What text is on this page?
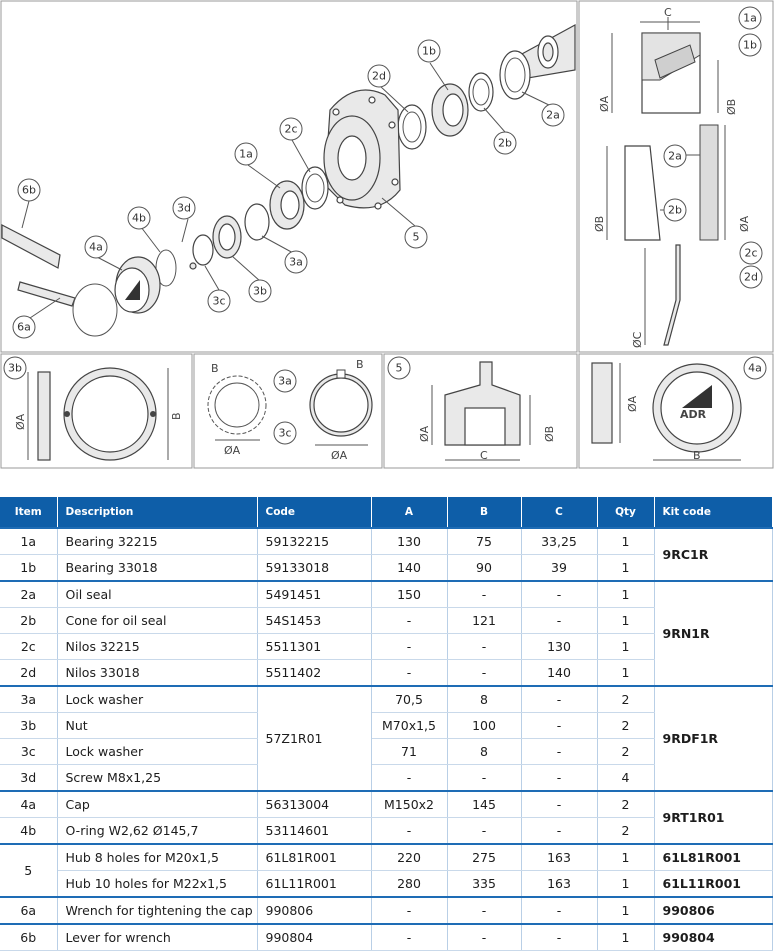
1b
2d
2a
2b
2c
1a
3d
4b
4a
6b
6a
5
3a
3b
3c
C
ØA	ØB
1a
1b
ØB	ØA
2a
2b
ØC
2c
2d
3b
ØA	B
B	B
ØA	ØA
3a
3c
5
ØA	ØB
C
ØA
ADR
B
4a
Item	Description	Code	A	B	C	Qty	Kit code
1a	Bearing 32215	59132215	130	75	33,25	1	9RC1R
1b	Bearing 33018	59133018	140	90	39	1	
2a	Oil seal	5491451	150	-	-	1	9RN1R
2b	Cone for oil seal	54S1453	-	121	-	1	
2c	Nilos 32215	5511301	-	-	130	1	
2d	Nilos 33018	5511402	-	-	140	1	
3a	Lock washer	57Z1R01	70,5	8	-	2	9RDF1R
3b	Nut		M70x1,5	100	-	2	
3c	Lock washer		71	8	-	2	
3d	Screw M8x1,25		-	-	-	4	
4a	Cap	56313004	M150x2	145	-	2	9RT1R01
4b	O-ring W2,62 Ø145,7	53114601	-	-	-	2	
5	Hub 8 holes for M20x1,5	61L81R001	220	275	163	1	61L81R001
	Hub 10 holes for M22x1,5	61L11R001	280	335	163	1	61L11R001
6a	Wrench for tightening the cap	990806	-	-	-	1	990806
6b	Lever for wrench	990804	-	-	-	1	990804
